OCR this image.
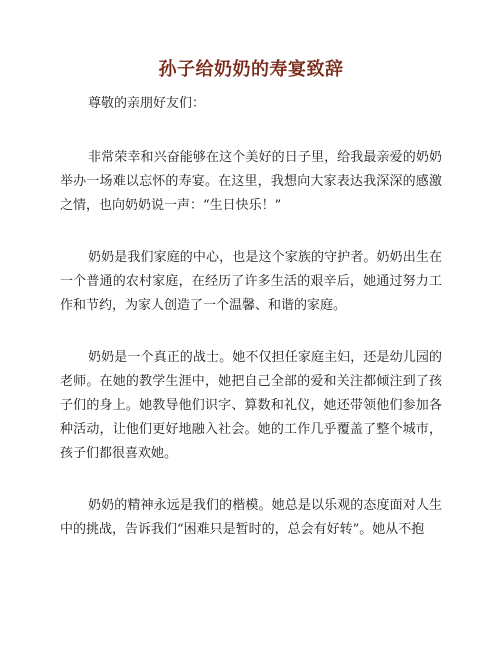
孙子给奶奶的寿宴致辞

尊敬的亲朋好友们：

非常荣幸和兴奋能够在这个美好的日子里，给我最亲爱的奶奶举办一场难以忘怀的寿宴。在这里，我想向大家表达我深深的感激之情，也向奶奶说一声：“生日快乐！”

奶奶是我们家庭的中心，也是这个家族的守护者。奶奶出生在一个普通的农村家庭，在经历了许多生活的艰辛后，她通过努力工作和节约，为家人创造了一个温馨、和谐的家庭。

奶奶是一个真正的战士。她不仅担任家庭主妇，还是幼儿园的老师。在她的教学生涯中，她把自己全部的爱和关注都倾注到了孩子们的身上。她教导他们识字、算数和礼仪，她还带领他们参加各种活动，让他们更好地融入社会。她的工作几乎覆盖了整个城市，孩子们都很喜欢她。

奶奶的精神永远是我们的楷模。她总是以乐观的态度面对人生中的挑战，告诉我们“困难只是暂时的，总会有好转”。她从不抱
